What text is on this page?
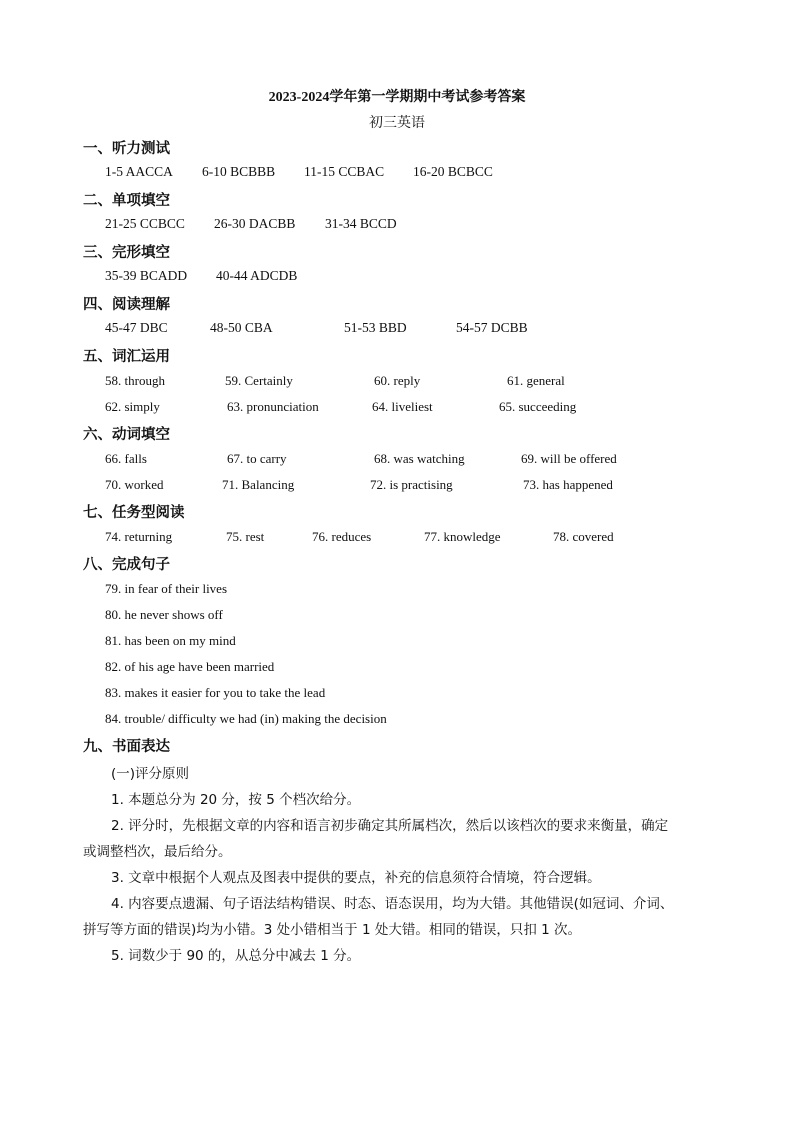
2023-2024学年第一学期期中考试参考答案
初三英语
一、听力测试
1-5 AACCA 6-10 BCBBB 11-15 CCBAC 16-20 BCBCC
二、单项填空
21-25 CCBCC 26-30 DACBB 31-34 BCCD
三、完形填空
35-39 BCADD 40-44 ADCDB
四、阅读理解
45-47 DBC	48-50 CBA	51-53 BBD	54-57 DCBB
五、词汇运用
58. through	59. Certainly	60. reply	61. general
62. simply	63. pronunciation	64. liveliest	65. succeeding
六、动词填空
66. falls	67. to carry	68. was watching	69. will be offered
70. worked	71. Balancing	72. is practising	73. has happened
七、任务型阅读
74. returning	75. rest	76. reduces	77. knowledge	78. covered
八、完成句子
79. in fear of their lives
80. he never shows off
81. has been on my mind
82. of his age have been married
83. makes it easier for you to take the lead
84. trouble/ difficulty we had (in) making the decision
九、书面表达
(一)评分原则
1. 本题总分为 20 分，按 5 个档次给分。
2. 评分时，先根据文章的内容和语言初步确定其所属档次，然后以该档次的要求来衡量，确定
或调整档次，最后给分。
3. 文章中根据个人观点及图表中提供的要点，补充的信息须符合情境，符合逻辑。
4. 内容要点遗漏、句子语法结构错误、时态、语态误用，均为大错。其他错误(如冠词、介词、
拼写等方面的错误)均为小错。3 处小错相当于 1 处大错。相同的错误，只扣 1 次。
5. 词数少于 90 的，从总分中减去 1 分。
